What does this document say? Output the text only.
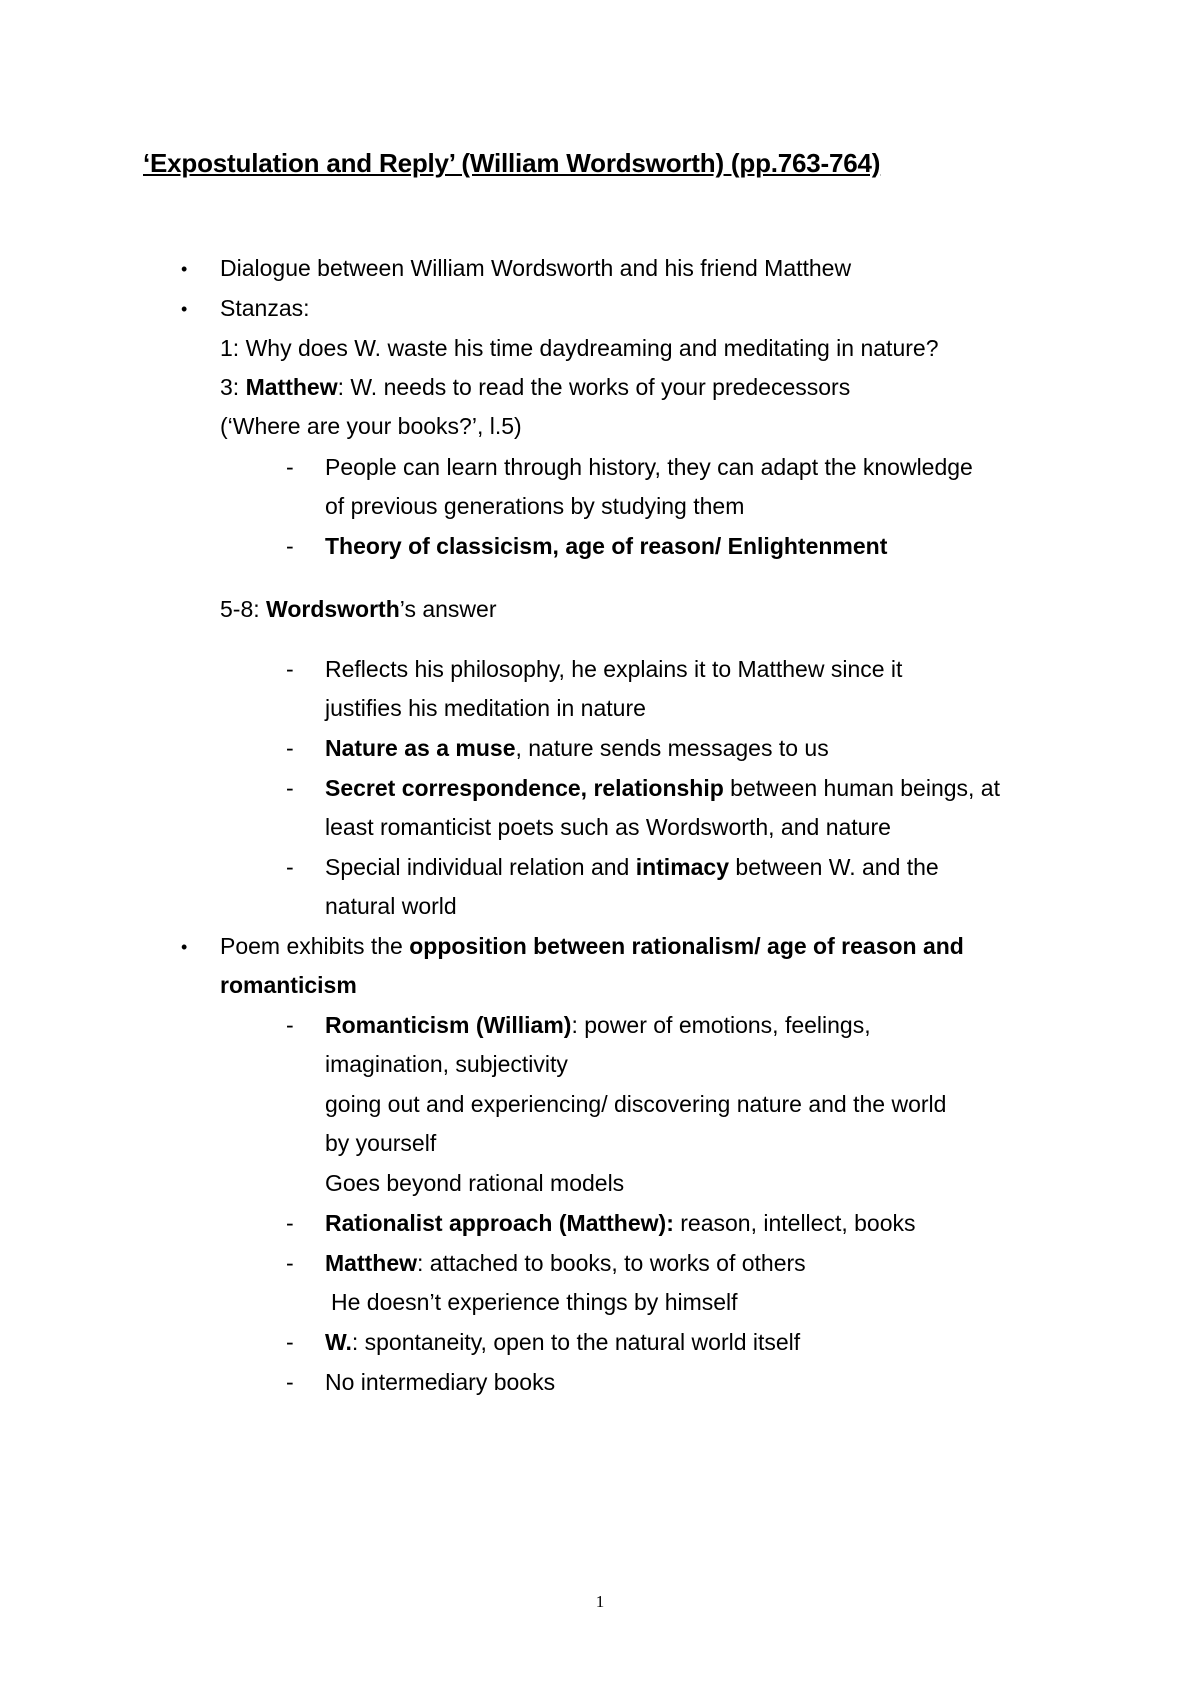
‘Expostulation and Reply’ (William Wordsworth) (pp.763-764)
• Dialogue between William Wordsworth and his friend Matthew
• Stanzas:
1: Why does W. waste his time daydreaming and meditating in nature?
3: Matthew: W. needs to read the works of your predecessors
(‘Where are your books?’, l.5)
- People can learn through history, they can adapt the knowledge
of previous generations by studying them
- Theory of classicism, age of reason/ Enlightenment
5-8: Wordsworth’s answer
- Reflects his philosophy, he explains it to Matthew since it
justifies his meditation in nature
- Nature as a muse, nature sends messages to us
- Secret correspondence, relationship between human beings, at
least romanticist poets such as Wordsworth, and nature
- Special individual relation and intimacy between W. and the
natural world
• Poem exhibits the opposition between rationalism/ age of reason and
romanticism
- Romanticism (William): power of emotions, feelings,
imagination, subjectivity
going out and experiencing/ discovering nature and the world
by yourself
Goes beyond rational models
- Rationalist approach (Matthew): reason, intellect, books
- Matthew: attached to books, to works of others
He doesn’t experience things by himself
- W.: spontaneity, open to the natural world itself
- No intermediary books
1
